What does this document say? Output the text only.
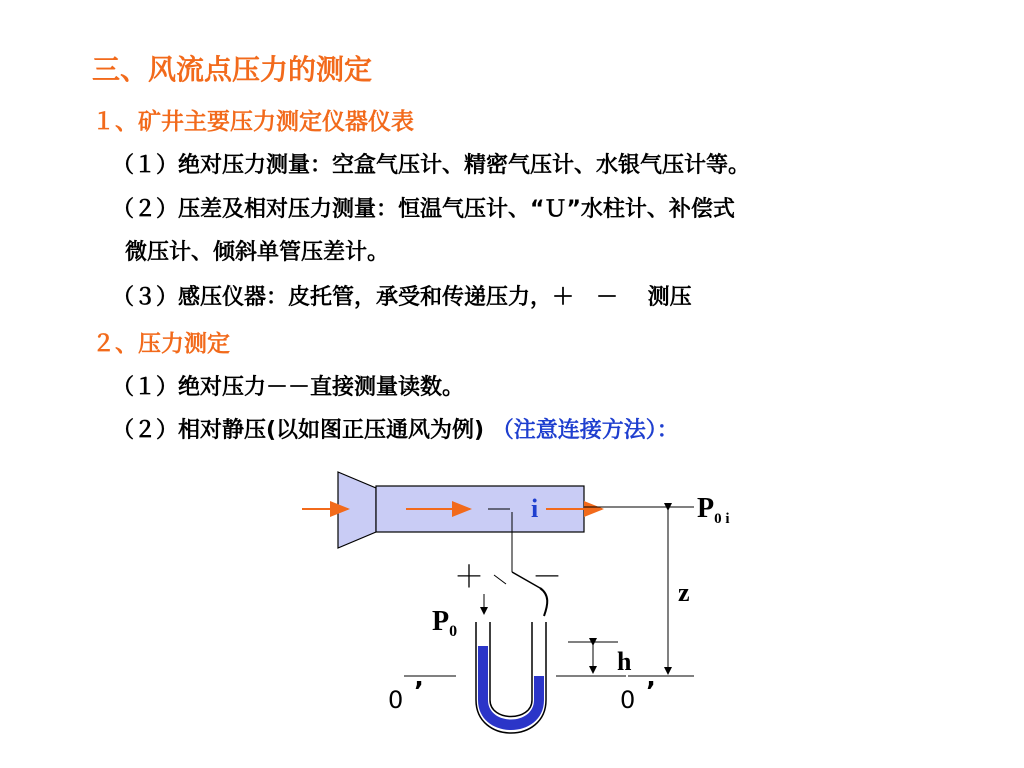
三、风流点压力的测定
１、矿井主要压力测定仪器仪表
（１）绝对压力测量：空盒气压计、精密气压计、水银气压计等。
（２）压差及相对压力测量：恒温气压计、“Ｕ”水柱计、补偿式
微压计、倾斜单管压差计。
（３）感压仪器：皮托管，承受和传递压力，＋　－　 测压
２、压力测定
（１）绝对压力－－直接测量读数。
（２）相对静压(以如图正压通风为例) （注意连接方法）：
i	$P_{0 i}$
z
＋ －
$P_0$
h
0 ’	0 ’
